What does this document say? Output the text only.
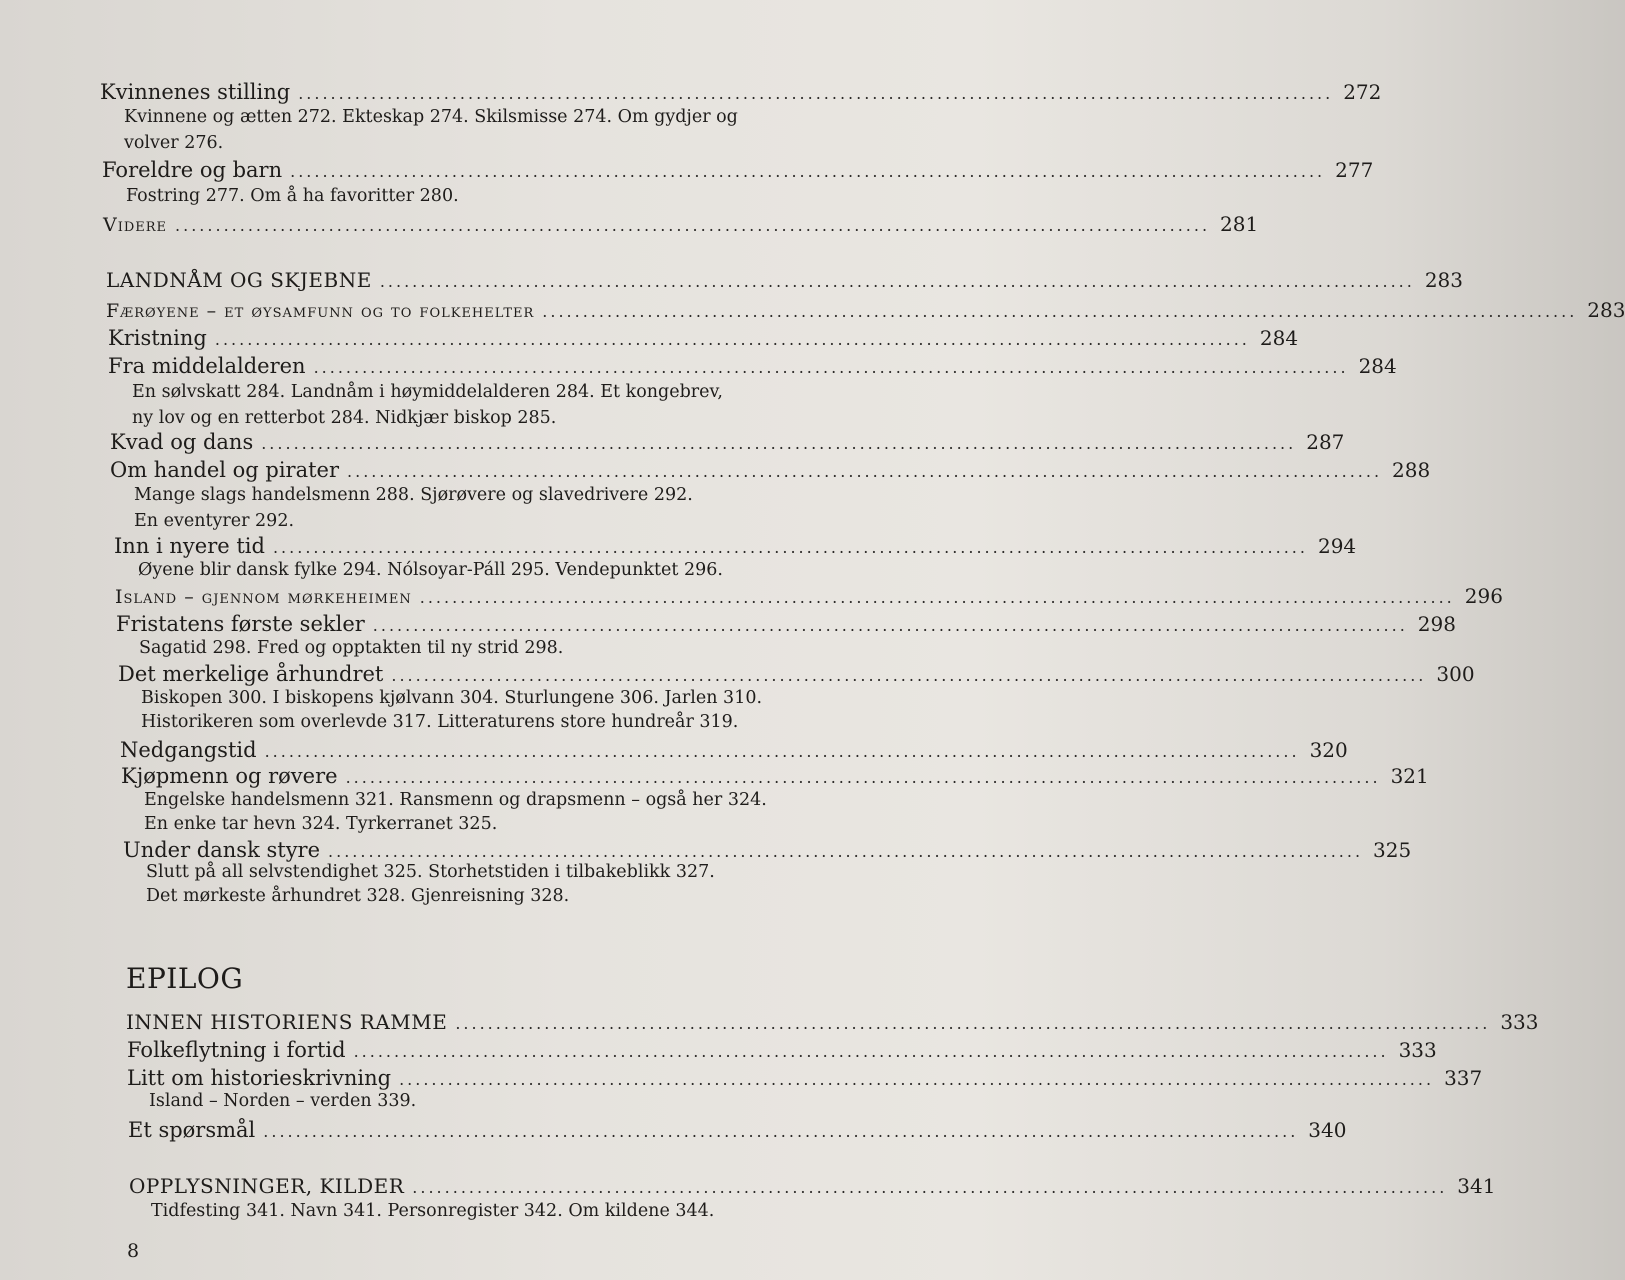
Kvinnenes stilling ................................................................................................................................ 272
Kvinnene og ætten 272. Ekteskap 274. Skilsmisse 274. Om gydjer og
volver 276.
Foreldre og barn ................................................................................................................................ 277
Fostring 277. Om å ha favoritter 280.
Videre ................................................................................................................................ 281
LANDNÅM OG SKJEBNE ................................................................................................................................ 283
Færøyene – et øysamfunn og to folkehelter ................................................................................................................................ 283
Kristning ................................................................................................................................ 284
Fra middelalderen ................................................................................................................................ 284
En sølvskatt 284. Landnåm i høymiddelalderen 284. Et kongebrev,
ny lov og en retterbot 284. Nidkjær biskop 285.
Kvad og dans ................................................................................................................................ 287
Om handel og pirater ................................................................................................................................ 288
Mange slags handelsmenn 288. Sjørøvere og slavedrivere 292.
En eventyrer 292.
Inn i nyere tid ................................................................................................................................ 294
Øyene blir dansk fylke 294. Nólsoyar-Páll 295. Vendepunktet 296.
Island – gjennom mørkeheimen ................................................................................................................................ 296
Fristatens første sekler ................................................................................................................................ 298
Sagatid 298. Fred og opptakten til ny strid 298.
Det merkelige århundret ................................................................................................................................ 300
Biskopen 300. I biskopens kjølvann 304. Sturlungene 306. Jarlen 310.
Historikeren som overlevde 317. Litteraturens store hundreår 319.
Nedgangstid ................................................................................................................................ 320
Kjøpmenn og røvere ................................................................................................................................ 321
Engelske handelsmenn 321. Ransmenn og drapsmenn – også her 324.
En enke tar hevn 324. Tyrkerranet 325.
Under dansk styre ................................................................................................................................ 325
Slutt på all selvstendighet 325. Storhetstiden i tilbakeblikk 327.
Det mørkeste århundret 328. Gjenreisning 328.
EPILOG
INNEN HISTORIENS RAMME ................................................................................................................................ 333
Folkeflytning i fortid ................................................................................................................................ 333
Litt om historieskrivning ................................................................................................................................ 337
Island – Norden – verden 339.
Et spørsmål ................................................................................................................................ 340
OPPLYSNINGER, KILDER ................................................................................................................................ 341
Tidfesting 341. Navn 341. Personregister 342. Om kildene 344.
8
